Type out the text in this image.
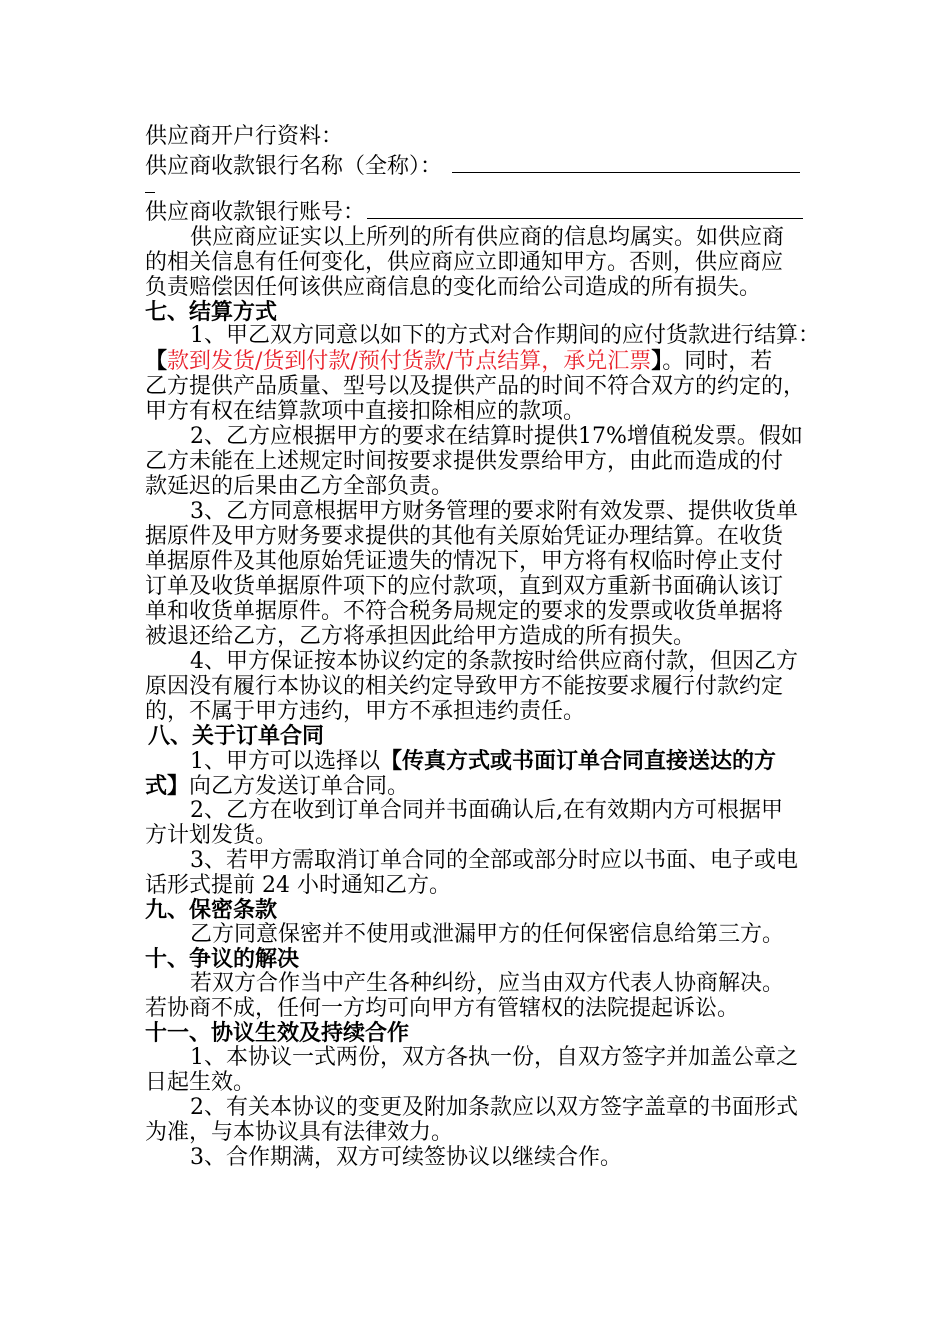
供应商开户行资料：
供应商收款银行名称（全称）：
供应商收款银行账号：
供应商应证实以上所列的所有供应商的信息均属实。如供应商
的相关信息有任何变化，供应商应立即通知甲方。否则，供应商应
负责赔偿因任何该供应商信息的变化而给公司造成的所有损失。
七、结算方式
1、甲乙双方同意以如下的方式对合作期间的应付货款进行结算：
【款到发货/货到付款/预付货款/节点结算，承兑汇票】。同时，若
乙方提供产品质量、型号以及提供产品的时间不符合双方的约定的，
甲方有权在结算款项中直接扣除相应的款项。
2、乙方应根据甲方的要求在结算时提供17%增值税发票。假如
乙方未能在上述规定时间按要求提供发票给甲方，由此而造成的付
款延迟的后果由乙方全部负责。
3、乙方同意根据甲方财务管理的要求附有效发票、提供收货单
据原件及甲方财务要求提供的其他有关原始凭证办理结算。在收货
单据原件及其他原始凭证遗失的情况下，甲方将有权临时停止支付
订单及收货单据原件项下的应付款项，直到双方重新书面确认该订
单和收货单据原件。不符合税务局规定的要求的发票或收货单据将
被退还给乙方，乙方将承担因此给甲方造成的所有损失。
4、甲方保证按本协议约定的条款按时给供应商付款，但因乙方
原因没有履行本协议的相关约定导致甲方不能按要求履行付款约定
的，不属于甲方违约，甲方不承担违约责任。
八、关于订单合同
1、甲方可以选择以【传真方式或书面订单合同直接送达的方
式】向乙方发送订单合同。
2、乙方在收到订单合同并书面确认后,在有效期内方可根据甲
方计划发货。
3、若甲方需取消订单合同的全部或部分时应以书面、电子或电
话形式提前 24 小时通知乙方。
九、保密条款
乙方同意保密并不使用或泄漏甲方的任何保密信息给第三方。
十、争议的解决
若双方合作当中产生各种纠纷，应当由双方代表人协商解决。
若协商不成，任何一方均可向甲方有管辖权的法院提起诉讼。
十一、协议生效及持续合作
1、本协议一式两份，双方各执一份，自双方签字并加盖公章之
日起生效。
2、有关本协议的变更及附加条款应以双方签字盖章的书面形式
为准，与本协议具有法律效力。
3、合作期满，双方可续签协议以继续合作。
